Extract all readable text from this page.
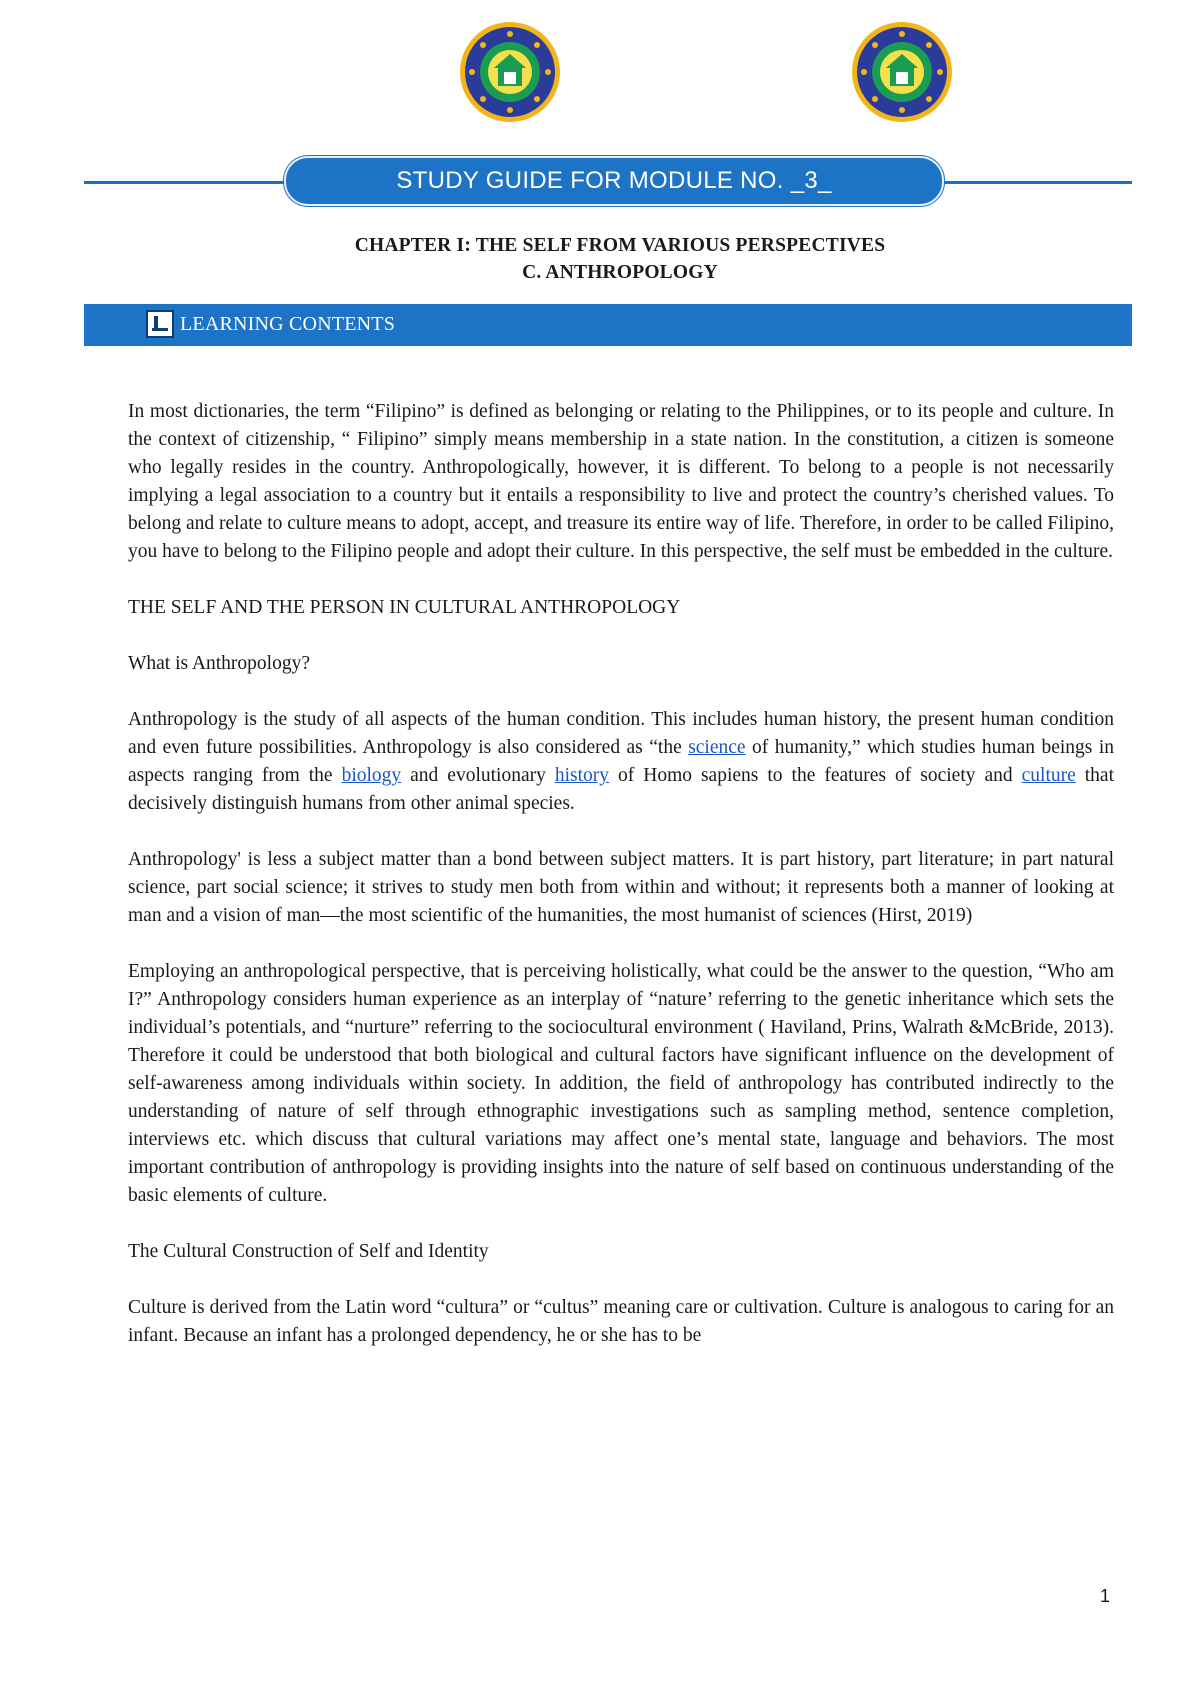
STUDY GUIDE FOR MODULE NO. _3_
CHAPTER I: THE SELF FROM VARIOUS PERSPECTIVES
C. ANTHROPOLOGY
LEARNING CONTENTS

In most dictionaries, the term “Filipino” is defined as belonging or relating to the Philippines, or to its people and culture. In the context of citizenship, “ Filipino” simply means membership in a state nation. In the constitution, a citizen is someone who legally resides in the country. Anthropologically, however, it is different. To belong to a people is not necessarily implying a legal association to a country but it entails a responsibility to live and protect the country’s cherished values. To belong and relate to culture means to adopt, accept, and treasure its entire way of life. Therefore, in order to be called Filipino, you have to belong to the Filipino people and adopt their culture. In this perspective, the self must be embedded in the culture.

THE SELF AND THE PERSON IN CULTURAL ANTHROPOLOGY

What is Anthropology?

Anthropology is the study of all aspects of the human condition. This includes human history, the present human condition and even future possibilities. Anthropology is also considered as “the science of humanity,” which studies human beings in aspects ranging from the biology and evolutionary history of Homo sapiens to the features of society and culture that decisively distinguish humans from other animal species.

Anthropology' is less a subject matter than a bond between subject matters. It is part history, part literature; in part natural science, part social science; it strives to study men both from within and without; it represents both a manner of looking at man and a vision of man—the most scientific of the humanities, the most humanist of sciences (Hirst, 2019)

Employing an anthropological perspective, that is perceiving holistically, what could be the answer to the question, “Who am I?” Anthropology considers human experience as an interplay of “nature’ referring to the genetic inheritance which sets the individual’s potentials, and “nurture” referring to the sociocultural environment ( Haviland, Prins, Walrath &McBride, 2013). Therefore it could be understood that both biological and cultural factors have significant influence on the development of self-awareness among individuals within society. In addition, the field of anthropology has contributed indirectly to the understanding of nature of self through ethnographic investigations such as sampling method, sentence completion, interviews etc. which discuss that cultural variations may affect one’s mental state, language and behaviors. The most important contribution of anthropology is providing insights into the nature of self based on continuous understanding of the basic elements of culture.

The Cultural Construction of Self and Identity

Culture is derived from the Latin word “cultura” or “cultus” meaning care or cultivation. Culture is analogous to caring for an infant. Because an infant has a prolonged dependency, he or she has to be

1
